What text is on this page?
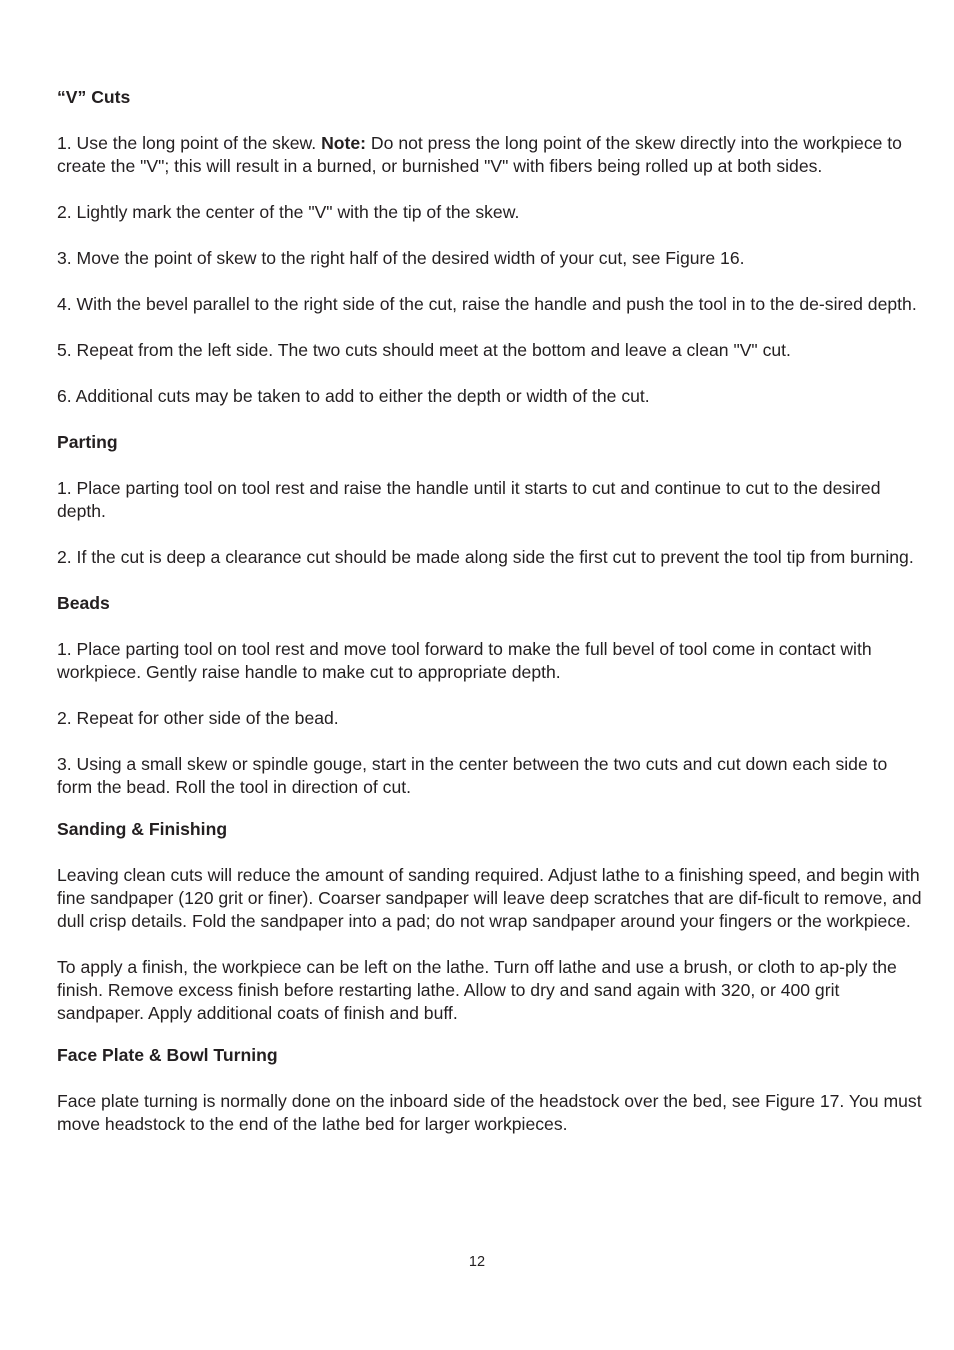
“V” Cuts
1. Use the long point of the skew. Note: Do not press the long point of the skew directly into the workpiece to create the "V"; this will result in a burned, or burnished "V" with fibers being rolled up at both sides.
2. Lightly mark the center of the "V" with the tip of the skew.
3. Move the point of skew to the right half of the desired width of your cut, see Figure 16.
4. With the bevel parallel to the right side of the cut, raise the handle and push the tool in to the de-sired depth.
5. Repeat from the left side. The two cuts should meet at the bottom and leave a clean "V" cut.
6. Additional cuts may be taken to add to either the depth or width of the cut.
Parting
1. Place parting tool on tool rest and raise the handle until it starts to cut and continue to cut to the desired depth.
2. If the cut is deep a clearance cut should be made along side the first cut to prevent the tool tip from burning.
Beads
1. Place parting tool on tool rest and move tool forward to make the full bevel of tool come in contact with workpiece. Gently raise handle to make cut to appropriate depth.
2. Repeat for other side of the bead.
3. Using a small skew or spindle gouge, start in the center between the two cuts and cut down each side to form the bead. Roll the tool in direction of cut.
Sanding & Finishing
Leaving clean cuts will reduce the amount of sanding required. Adjust lathe to a finishing speed, and begin with fine sandpaper (120 grit or finer). Coarser sandpaper will leave deep scratches that are dif-ficult to remove, and dull crisp details. Fold the sandpaper into a pad; do not wrap sandpaper around your fingers or the workpiece.
To apply a finish, the workpiece can be left on the lathe. Turn off lathe and use a brush, or cloth to ap-ply the finish. Remove excess finish before restarting lathe. Allow to dry and sand again with 320, or 400 grit sandpaper. Apply additional coats of finish and buff.
Face Plate & Bowl Turning
Face plate turning is normally done on the inboard side of the headstock over the bed, see Figure 17. You must move headstock to the end of the lathe bed for larger workpieces.
12
